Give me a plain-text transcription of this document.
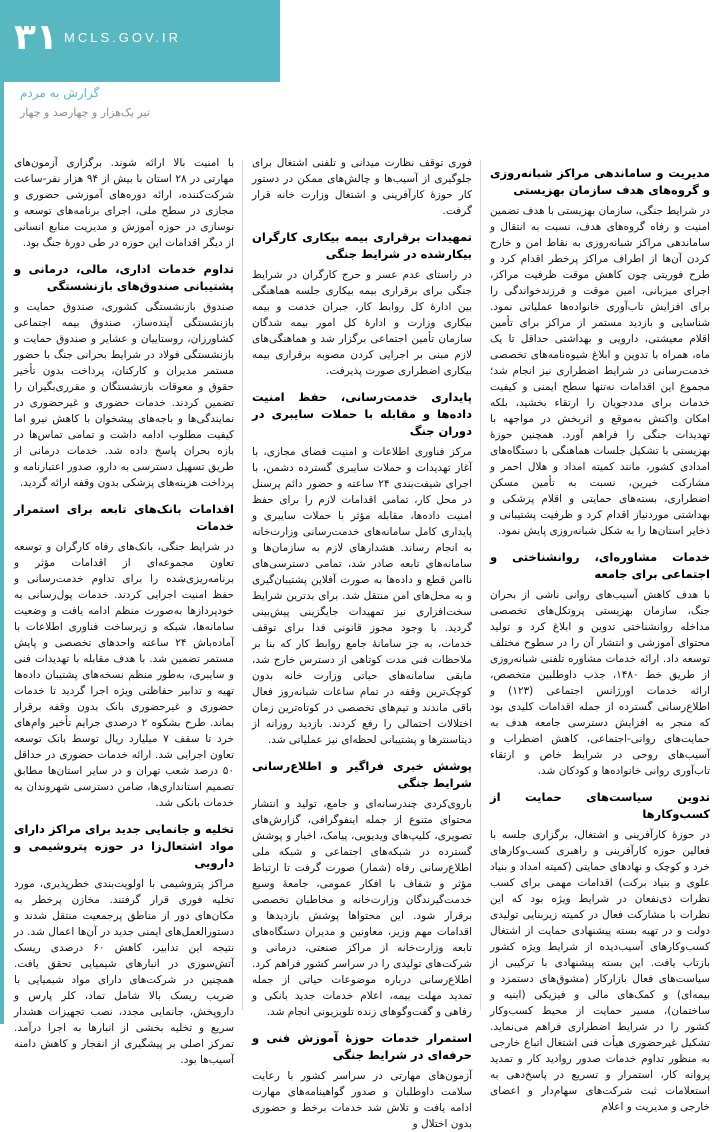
۳۱ MCLS.GOV.IR
گزارش به مردم
تیر یک‌هزار و چهارصد و چهار
مدیریت و ساماندهی مراکز شبانه‌روزی و گروه‌های هدف سازمان بهزیستی

در شرایط جنگی، سازمان بهزیستی با هدف تضمین امنیت و رفاه گروه‌های هدف، نسبت به انتقال و ساماندهی مراکز شبانه‌روزی به نقاط امن و خارج کردن آن‌ها از اطراف مراکز پرخطر اقدام کرد و طرح فوریتی چون کاهش موقت ظرفیت مراکز، اجرای میزبانی، امین موقت و فرزندخواندگی را برای افزایش تاب‌آوری خانواده‌ها عملیاتی نمود. شناسایی و بازدید مستمر از مراکز برای تأمین اقلام معیشتی، دارویی و بهداشتی حداقل تا یک ماه، همراه با تدوین و ابلاغ شیوه‌نامه‌های تخصصی خدمت‌رسانی در شرایط اضطراری نیز انجام شد؛ مجموع این اقدامات نه‌تنها سطح ایمنی و کیفیت خدمات برای مددجویان را ارتقاء بخشید، بلکه امکان واکنش به‌موقع و اثربخش در مواجهه با تهدیدات جنگی را فراهم آورد. همچنین حوزهٔ بهزیستی با تشکیل جلسات هماهنگی با دستگاه‌های امدادی کشور، مانند کمیته امداد و هلال احمر و مشارکت خیرین، نسبت به تأمین مسکن اضطراری، بسته‌های حمایتی و اقلام پزشکی و بهداشتی موردنیاز اقدام کرد و ظرفیت پشتیبانی و ذخایر استان‌ها را به شکل شبانه‌روزی پایش نمود.

خدمات مشاوره‌ای، روانشناختی و اجتماعی برای جامعه

با هدف کاهش آسیب‌های روانی ناشی از بحران جنگ، سازمان بهزیستی پروتکل‌های تخصصی مداخله روانشناختی تدوین و ابلاغ کرد و تولید محتوای آموزشی و انتشار آن را در سطوح مختلف توسعه داد. ارائه خدمات مشاوره تلفنی شبانه‌روزی از طریق خط ۱۴۸۰، جذب داوطلبین متخصص، ارائه خدمات اورژانس اجتماعی (۱۲۳) و اطلاع‌رسانی گسترده از جمله اقدامات کلیدی بود که منجر به افزایش دسترسی جامعه هدف به حمایت‌های روانی-اجتماعی، کاهش اضطراب و آسیب‌های روحی در شرایط خاص و ارتقاء تاب‌آوری روانی خانواده‌ها و کودکان شد.

تدوین سیاست‌های حمایت از کسب‌وکارها

در حوزهٔ کارآفرینی و اشتغال، برگزاری جلسه با فعالین حوزه کارآفرینی و راهبری کسب‌وکارهای خرد و کوچک و نهادهای حمایتی (کمیته امداد و بنیاد علوی و بنیاد برکت) اقدامات مهمی برای کسب نظرات ذی‌نفعان در شرایط ویژه بود که این نظرات با مشارکت فعال در کمیته زیربنایی تولیدی دولت و در تهیه بسته پیشنهادی حمایت از اشتغال کسب‌وکارهای آسیب‌دیده از شرایط ویژه کشور بازتاب یافت. این بسته پیشنهادی با ترکیبی از سیاست‌های فعال بازارکار (مشوق‌های دستمزد و بیمه‌ای) و کمک‌های مالی و فیزیکی (ابنیه و ساختمان)، مسیر حمایت از محیط کسب‌وکار کشور را در شرایط اضطراری فراهم می‌نماید. تشکیل غیرحضوری هیأت فنی اشتغال اتباع خارجی به منظور تداوم خدمات صدور روادید کار و تمدید پروانه کار، استمرار و تسریع در پاسخ‌دهی به استعلامات ثبت شرکت‌های سهام‌دار و اعضای خارجی و مدیریت و اعلام

فوری توقف نظارت میدانی و تلفنی اشتغال برای جلوگیری از آسیب‌ها و چالش‌های ممکن در دستور کار حوزهٔ کارآفرینی و اشتغال وزارت خانه قرار گرفت.

تمهیدات برقراری بیمه بیکاری کارگران بیکارشده در شرایط جنگی

در راستای عدم عسر و حرج کارگران در شرایط جنگی برای برقراری بیمه بیکاری جلسه هماهنگی بین ادارهٔ کل روابط کار، جبران خدمت و بیمه بیکاری وزارت و ادارهٔ کل امور بیمه شدگان سازمان تأمین اجتماعی برگزار شد و هماهنگی‌های لازم مبنی بر اجرایی کردن مصوبه برقراری بیمه بیکاری اضطراری صورت پذیرفت.

پایداری خدمت‌رسانی، حفظ امنیت داده‌ها و مقابله با حملات سایبری در دوران جنگ

مرکز فناوری اطلاعات و امنیت فضای مجازی، با آغاز تهدیدات و حملات سایبری گسترده دشمن، با اجرای شیفت‌بندی ۲۴ ساعته و حضور دائم پرسنل در محل کار، تمامی اقدامات لازم را برای حفظ امنیت داده‌ها، مقابله مؤثر با حملات سایبری و پایداری کامل سامانه‌های خدمت‌رسانی وزارت‌خانه به انجام رساند. هشدارهای لازم به سازمان‌ها و سامانه‌های تابعه صادر شد، تمامی دسترسی‌های ناامن قطع و داده‌ها به صورت آفلاین پشتیبان‌گیری و به محل‌های امن منتقل شد. برای بدترین شرایط سخت‌افزاری نیز تمهیدات جایگزینی پیش‌بینی گردید. با وجود مجوز قانونی فدا برای توقف خدمات، به جز سامانهٔ جامع روابط کار که بنا بر ملاحظات فنی مدت کوتاهی از دسترس خارج شد، مابقی سامانه‌های حیاتی وزارت خانه بدون کوچک‌ترین وقفه در تمام ساعات شبانه‌روز فعال باقی ماندند و تیم‌های تخصصی در کوتاه‌ترین زمان اختلالات احتمالی را رفع کردند. بازدید روزانه از دیتاسنترها و پشتیبانی لحظه‌ای نیز عملیاتی شد.

پوشش خبری فراگیر و اطلاع‌رسانی شرایط جنگی

باروی‌کردی چندرسانه‌ای و جامع، تولید و انتشار محتوای متنوع از جمله اینفوگرافی، گزارش‌های تصویری، کلیپ‌های ویدیویی، پیامک، اخبار و پوشش گسترده در شبکه‌های اجتماعی و شبکه ملی اطلاع‌رسانی رفاه (شمار) صورت گرفت تا ارتباط مؤثر و شفاف با افکار عمومی، جامعهٔ وسیع خدمت‌گیرندگان وزارت‌خانه و مخاطبان تخصصی برقرار شود. این محتواها پوشش بازدیدها و اقدامات مهم وزیر، معاونین و مدیران دستگاه‌های تابعه وزارت‌خانه از مراکز صنعتی، درمانی و شرکت‌های تولیدی را در سراسر کشور فراهم کرد. اطلاع‌رسانی درباره موضوعات حیاتی از جمله تمدید مهلت بیمه، اعلام خدمات جدید بانکی و رفاهی و گفت‌وگوهای زنده تلویزیونی انجام شد.

استمرار خدمات حوزهٔ آموزش فنی و حرفه‌ای در شرایط جنگی

آزمون‌های مهارتی در سراسر کشور با رعایت سلامت داوطلبان و صدور گواهینامه‌های مهارت ادامه یافت و تلاش شد خدمات برخط و حضوری بدون اختلال و

با امنیت بالا ارائه شوند. برگزاری آزمون‌های مهارتی در ۲۸ استان با بیش از ۹۴ هزار نفر-ساعت شرکت‌کننده، ارائه دوره‌های آموزشی حضوری و مجازی در سطح ملی، اجرای برنامه‌های توسعه و نوسازی در حوزه آموزش و مدیریت منابع انسانی از دیگر اقدامات این حوزه در طی دورهٔ جنگ بود.

تداوم خدمات اداری، مالی، درمانی و پشتیبانی صندوق‌های بازنشستگی

صندوق بازنشستگی کشوری، صندوق حمایت و بازنشستگی آینده‌ساز، صندوق بیمه اجتماعی کشاورزان، روستاییان و عشایر و صندوق حمایت و بازنشستگی فولاد در شرایط بحرانی جنگ با حضور مستمر مدیران و کارکنان، پرداخت بدون تأخیر حقوق و معوقات بازنشستگان و مقرری‌بگیران را تضمین کردند. خدمات حضوری و غیرحضوری در نمایندگی‌ها و باجه‌های پیشخوان با کاهش نیرو اما کیفیت مطلوب ادامه داشت و تمامی تماس‌ها در بازه بحران پاسخ داده شد. خدمات درمانی از طریق تسهیل دسترسی به دارو، صدور اعتبارنامه و پرداخت هزینه‌های پزشکی بدون وقفه ارائه گردید.

اقدامات بانک‌های تابعه برای استمرار خدمات

در شرایط جنگی، بانک‌های رفاه کارگران و توسعه تعاون مجموعه‌ای از اقدامات مؤثر و برنامه‌ریزی‌شده را برای تداوم خدمت‌رسانی و حفظ امنیت اجرایی کردند. خدمات پول‌رسانی به خودپردازها به‌صورت منظم ادامه یافت و وضعیت سامانه‌ها، شبکه و زیرساخت فناوری اطلاعات با آماده‌باش ۲۴ ساعته واحدهای تخصصی و پایش مستمر تضمین شد. با هدف مقابله با تهدیدات فنی و سایبری، به‌طور منظم نسخه‌های پشتیبان داده‌ها تهیه و تدابیر حفاظتی ویژه اجرا گردید تا خدمات حضوری و غیرحضوری بانک بدون وقفه برقرار بماند. طرح بشکوه ۲ درصدی جرایم تأخیر وام‌های خرد تا سقف ۷ میلیارد ریال توسط بانک توسعه تعاون اجرایی شد. ارائه خدمات حضوری در حداقل ۵۰ درصد شعب تهران و در سایر استان‌ها مطابق تصمیم استانداری‌ها، ضامن دسترسی شهروندان به خدمات بانکی شد.

تخلیه و جانمایی جدید برای مراکز دارای مواد اشتعال‌زا در حوزه پتروشیمی و دارویی

مراکز پتروشیمی با اولویت‌بندی خطرپذیری، مورد تخلیه فوری قرار گرفتند. مخازن پرخطر به مکان‌های دور از مناطق پرجمعیت منتقل شدند و دستورالعمل‌های ایمنی جدید در آن‌ها اعمال شد. در نتیجه این تدابیر، کاهش ۶۰ درصدی ریسک آتش‌سوزی در انبارهای شیمیایی تحقق یافت. همچنین در شرکت‌های دارای مواد شیمیایی با ضریب ریسک بالا شامل تماد، کلر پارس و داروپخش، جانمایی مجدد، نصب تجهیزات هشدار سریع و تخلیه بخشی از انبارها به اجرا درآمد. تمرکز اصلی بر پیشگیری از انفجار و کاهش دامنه آسیب‌ها بود.
